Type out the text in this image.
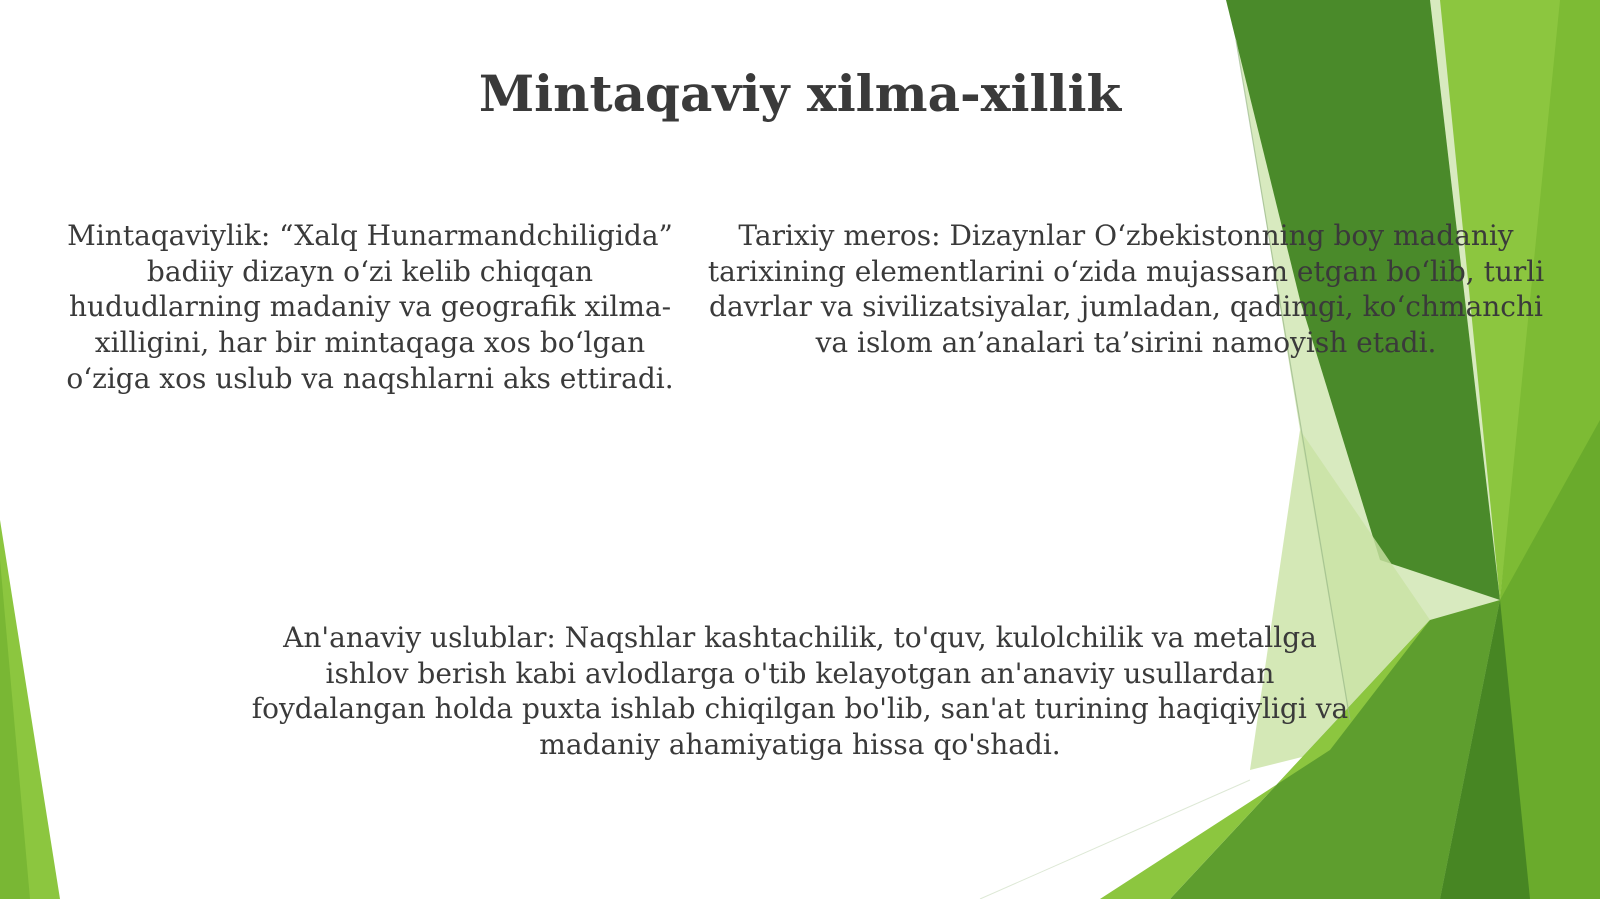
Mintaqaviy xilma-xillik

Mintaqaviylik: “Xalq Hunarmandchiligida” badiiy dizayn o‘zi kelib chiqqan hududlarning madaniy va geografik xilma-xilligini, har bir mintaqaga xos bo‘lgan o‘ziga xos uslub va naqshlarni aks ettiradi.

Tarixiy meros: Dizaynlar O‘zbekistonning boy madaniy tarixining elementlarini o‘zida mujassam etgan bo‘lib, turli davrlar va sivilizatsiyalar, jumladan, qadimgi, ko‘chmanchi va islom an’analari ta’sirini namoyish etadi.

An'anaviy uslublar: Naqshlar kashtachilik, to'quv, kulolchilik va metallga ishlov berish kabi avlodlarga o'tib kelayotgan an'anaviy usullardan foydalangan holda puxta ishlab chiqilgan bo'lib, san'at turining haqiqiyligi va madaniy ahamiyatiga hissa qo'shadi.
